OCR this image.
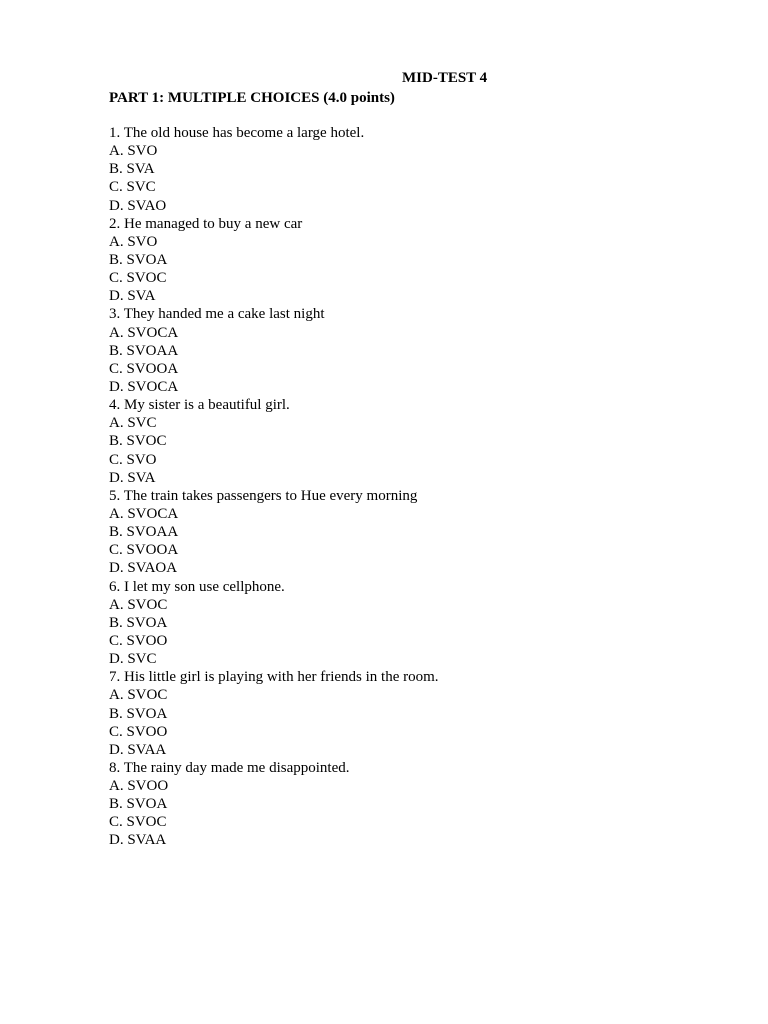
MID-TEST 4
PART 1: MULTIPLE CHOICES (4.0 points)
1. The old house has become a large hotel.
A. SVO
B. SVA
C. SVC
D. SVAO
2. He managed to buy a new car
A. SVO
B. SVOA
C. SVOC
D. SVA
3. They handed me a cake last night
A. SVOCA
B. SVOAA
C. SVOOA
D. SVOCA
4. My sister is a beautiful girl.
A. SVC
B. SVOC
C. SVO
D. SVA
5. The train takes passengers to Hue every morning
A. SVOCA
B. SVOAA
C. SVOOA
D. SVAOA
6. I let my son use cellphone.
A. SVOC
B. SVOA
C. SVOO
D. SVC
7. His little girl is playing with her friends in the room.
A. SVOC
B. SVOA
C. SVOO
D. SVAA
8. The rainy day made me disappointed.
A. SVOO
B. SVOA
C. SVOC
D. SVAA
